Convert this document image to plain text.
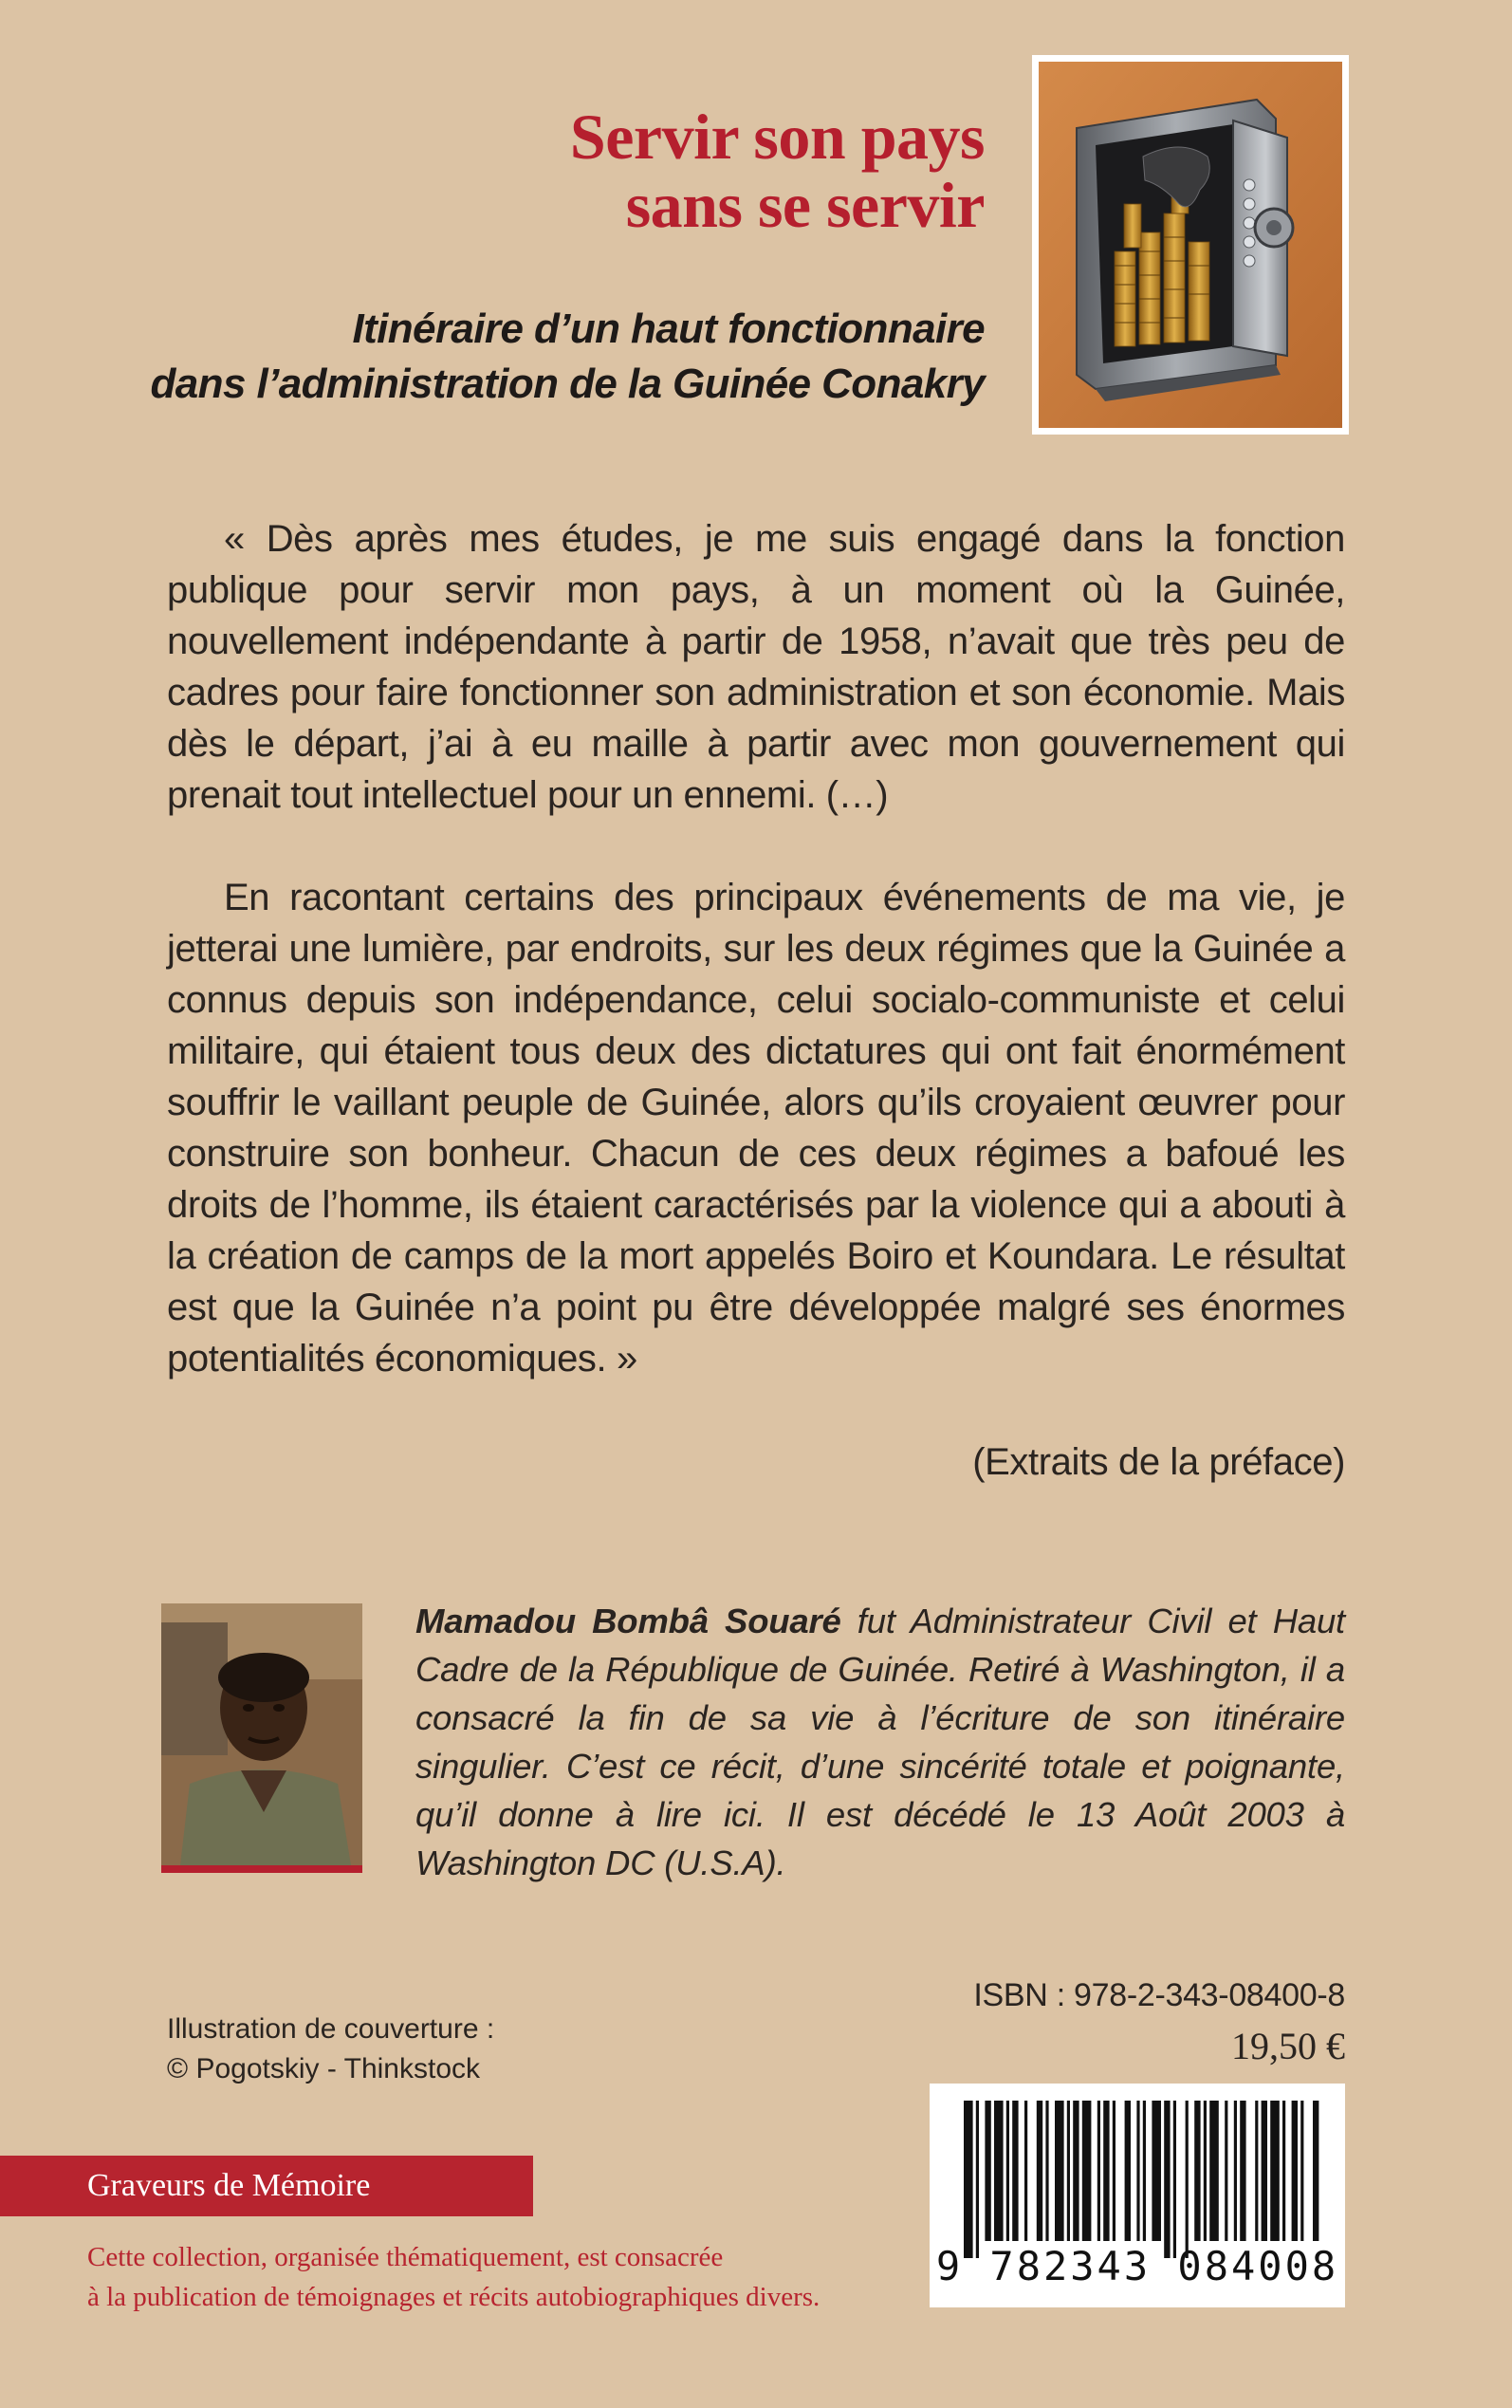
Servir son pays
sans se servir
Itinéraire d’un haut fonctionnaire
dans l’administration de la Guinée Conakry

« Dès après mes études, je me suis engagé dans la fonction publique pour servir mon pays, à un moment où la Guinée, nouvellement indépendante à partir de 1958, n’avait que très peu de cadres pour faire fonctionner son administration et son économie. Mais dès le départ, j’ai à eu maille à partir avec mon gouvernement qui prenait tout intellectuel pour un ennemi. (…)

En racontant certains des principaux événements de ma vie, je jetterai une lumière, par endroits, sur les deux régimes que la Guinée a connus depuis son indépendance, celui socialo-communiste et celui militaire, qui étaient tous deux des dictatures qui ont fait énormément souffrir le vaillant peuple de Guinée, alors qu’ils croyaient œuvrer pour construire son bonheur. Chacun de ces deux régimes a bafoué les droits de l’homme, ils étaient caractérisés par la violence qui a abouti à la création de camps de la mort appelés Boiro et Koundara. Le résultat est que la Guinée n’a point pu être développée malgré ses énormes potentialités économiques. »

(Extraits de la préface)
Mamadou Bombâ Souaré fut Administrateur Civil et Haut Cadre de la République de Guinée. Retiré à Washington, il a consacré la fin de sa vie à l’écriture de son itinéraire singulier. C’est ce récit, d’une sincérité totale et poignante, qu’il donne à lire ici. Il est décédé le 13 Août 2003 à Washington DC (U.S.A).
Illustration de couverture :
© Pogotskiy - Thinkstock
ISBN : 978-2-343-08400-8
19,50 €
9 782343 084008
Graveurs de Mémoire
Cette collection, organisée thématiquement, est consacrée
à la publication de témoignages et récits autobiographiques divers.
